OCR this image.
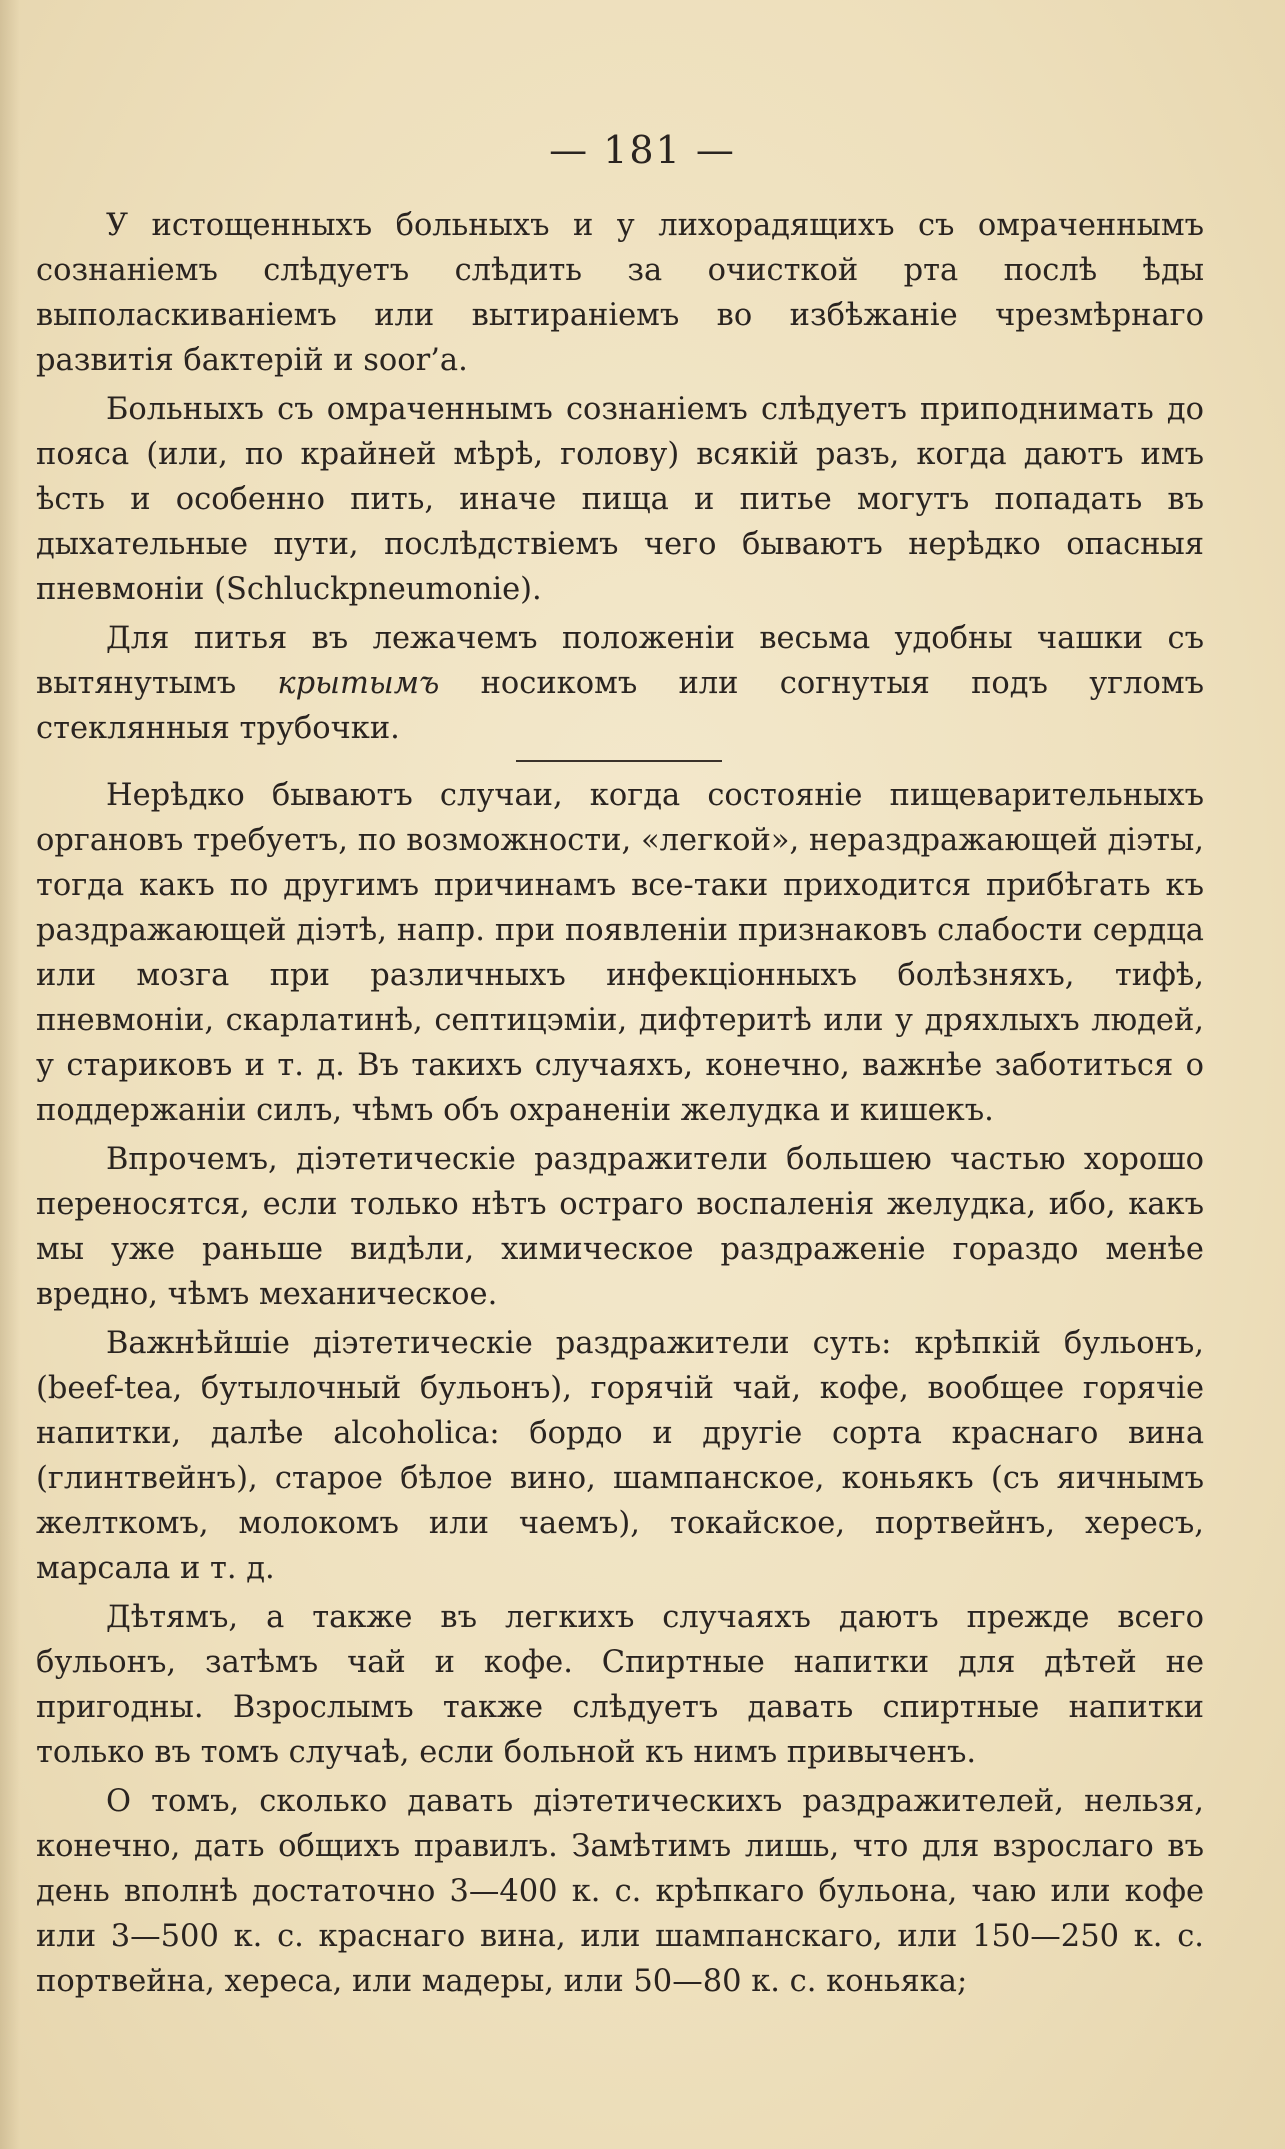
— 181 —

У истощенныхъ больныхъ и у лихорадящихъ съ омраченнымъ сознаніемъ слѣдуетъ слѣдить за очисткой рта послѣ ѣды выполаскиваніемъ или вытираніемъ во избѣжаніе чрезмѣрнаго развитія бактерій и soor’a.

Больныхъ съ омраченнымъ сознаніемъ слѣдуетъ приподнимать до пояса (или, по крайней мѣрѣ, голову) всякій разъ, когда даютъ имъ ѣсть и особенно пить, иначе пища и питье могутъ попадать въ дыхательные пути, послѣдствіемъ чего бываютъ нерѣдко опасныя пневмоніи (Schluckpneumonie).

Для питья въ лежачемъ положеніи весьма удобны чашки съ вытянутымъ крытымъ носикомъ или согнутыя подъ угломъ стеклянныя трубочки.

Нерѣдко бываютъ случаи, когда состояніе пищеварительныхъ органовъ требуетъ, по возможности, «легкой», нераздражающей діэты, тогда какъ по другимъ причинамъ все-таки приходится прибѣгать къ раздражающей діэтѣ, напр. при появленіи признаковъ слабости сердца или мозга при различныхъ инфекціонныхъ болѣзняхъ, тифѣ, пневмоніи, скарлатинѣ, септицэміи, дифтеритѣ или у дряхлыхъ людей, у стариковъ и т. д. Въ такихъ случаяхъ, конечно, важнѣе заботиться о поддержаніи силъ, чѣмъ объ охраненіи желудка и кишекъ.

Впрочемъ, діэтетическіе раздражители большею частью хорошо переносятся, если только нѣтъ остраго воспаленія желудка, ибо, какъ мы уже раньше видѣли, химическое раздраженіе гораздо менѣе вредно, чѣмъ механическое.

Важнѣйшіе діэтетическіе раздражители суть: крѣпкій бульонъ, (beef-tea, бутылочный бульонъ), горячій чай, кофе, вообщее горячіе напитки, далѣе alcoholica: бордо и другіе сорта краснаго вина (глинтвейнъ), старое бѣлое вино, шампанское, коньякъ (съ яичнымъ желткомъ, молокомъ или чаемъ), токайское, портвейнъ, хересъ, марсала и т. д.

Дѣтямъ, а также въ легкихъ случаяхъ даютъ прежде всего бульонъ, затѣмъ чай и кофе. Спиртные напитки для дѣтей не пригодны. Взрослымъ также слѣдуетъ давать спиртные напитки только въ томъ случаѣ, если больной къ нимъ привыченъ.

О томъ, сколько давать діэтетическихъ раздражителей, нельзя, конечно, дать общихъ правилъ. Замѣтимъ лишь, что для взрослаго въ день вполнѣ достаточно 3—400 к. с. крѣпкаго бульона, чаю или кофе или 3—500 к. с. краснаго вина, или шампанскаго, или 150—250 к. с. портвейна, хереса, или мадеры, или 50—80 к. с. коньяка;
